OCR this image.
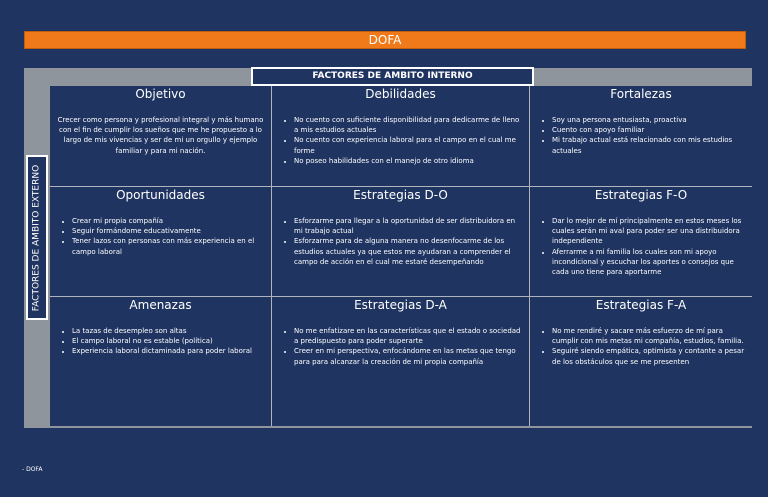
DOFA
Objetivo

Crecer como persona y profesional integral y más humano con el fin de cumplir los sueños que me he propuesto a lo largo de mis vivencias y ser de mi un orgullo y ejemplo familiar y para mi nación.

Debilidades
• No cuento con suficiente disponibilidad para dedicarme de lleno a mis estudios actuales
• No cuento con experiencia laboral para el campo en el cual me forme
• No poseo habilidades con el manejo de otro idioma
Fortalezas
• Soy una persona entusiasta, proactiva
• Cuento con apoyo familiar
• Mi trabajo actual está relacionado con mis estudios actuales
Oportunidades
• Crear mi propia compañía
• Seguir formándome educativamente
• Tener lazos con personas con más experiencia en el campo laboral
Estrategias D-O
• Esforzarme para llegar a la oportunidad de ser distribuidora en mi trabajo actual
• Esforzarme para de alguna manera no desenfocarme de los estudios actuales ya que estos me ayudaran a comprender el campo de acción en el cual me estaré desempeñando
Estrategias F-O
• Dar lo mejor de mí principalmente en estos meses los cuales serán mi aval para poder ser una distribuidora independiente
• Aferrarme a mi familia los cuales son mi apoyo incondicional y escuchar los aportes o consejos que cada uno tiene para aportarme
Amenazas
• La tazas de desempleo son altas
• El campo laboral no es estable (política)
• Experiencia laboral dictaminada para poder laboral
Estrategias D-A
• No me enfatizare en las características que el estado o sociedad a predispuesto para poder superarte
• Creer en mi perspectiva, enfocándome en las metas que tengo para para alcanzar la creación de mi propia compañía
Estrategias F-A
• No me rendiré y sacare más esfuerzo de mí para cumplir con mis metas mi compañía, estudios, familia.
• Seguiré siendo empática, optimista y contante a pesar de los obstáculos que se me presenten
FACTORES DE AMBITO INTERNO
FACTORES DE AMBITO EXTERNO
- DOFA
